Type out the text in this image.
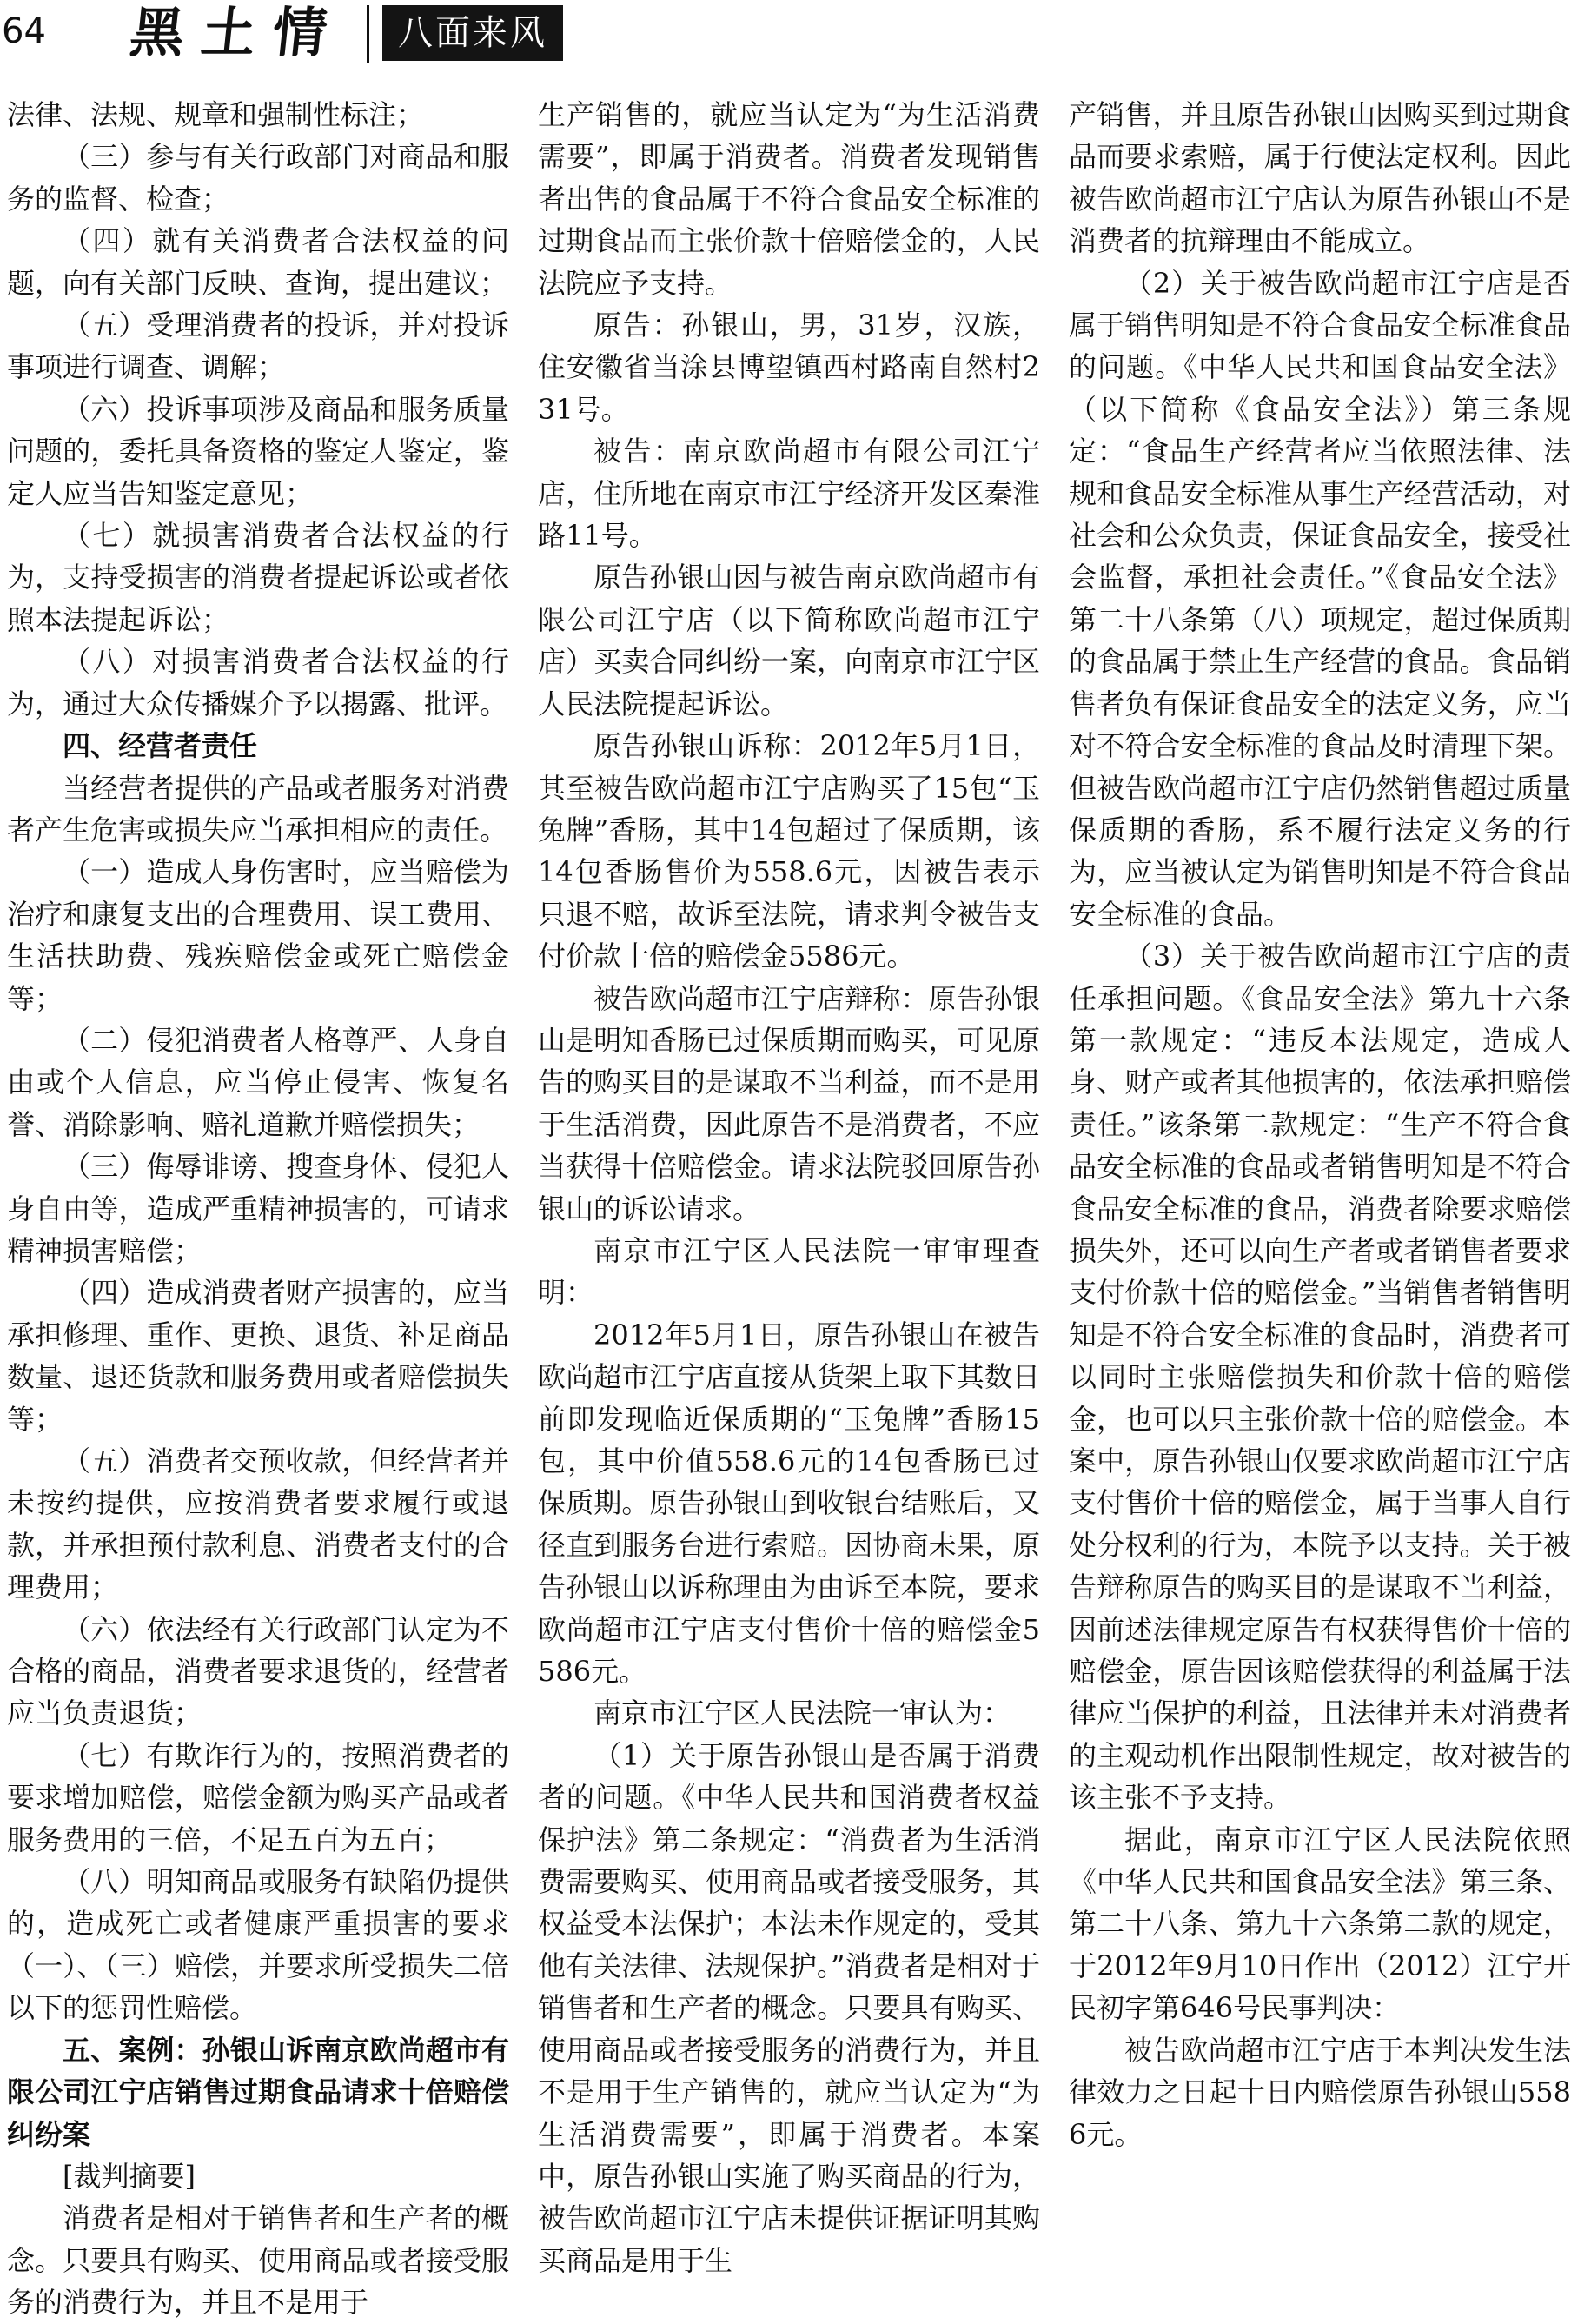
64 黑土情	八面来风

法律、法规、规章和强制性标注；

（三）参与有关行政部门对商品和服务的监督、检查；

（四）就有关消费者合法权益的问题，向有关部门反映、查询，提出建议；

（五）受理消费者的投诉，并对投诉事项进行调查、调解；

（六）投诉事项涉及商品和服务质量问题的，委托具备资格的鉴定人鉴定，鉴定人应当告知鉴定意见；

（七）就损害消费者合法权益的行为，支持受损害的消费者提起诉讼或者依照本法提起诉讼；

（八）对损害消费者合法权益的行为，通过大众传播媒介予以揭露、批评。

四、经营者责任

当经营者提供的产品或者服务对消费者产生危害或损失应当承担相应的责任。

（一）造成人身伤害时，应当赔偿为治疗和康复支出的合理费用、误工费用、生活扶助费、残疾赔偿金或死亡赔偿金等；

（二）侵犯消费者人格尊严、人身自由或个人信息，应当停止侵害、恢复名誉、消除影响、赔礼道歉并赔偿损失；

（三）侮辱诽谤、搜查身体、侵犯人身自由等，造成严重精神损害的，可请求精神损害赔偿；

（四）造成消费者财产损害的，应当承担修理、重作、更换、退货、补足商品数量、退还货款和服务费用或者赔偿损失等；

（五）消费者交预收款，但经营者并未按约提供，应按消费者要求履行或退款，并承担预付款利息、消费者支付的合理费用；

（六）依法经有关行政部门认定为不合格的商品，消费者要求退货的，经营者应当负责退货；

（七）有欺诈行为的，按照消费者的要求增加赔偿，赔偿金额为购买产品或者服务费用的三倍，不足五百为五百；

（八）明知商品或服务有缺陷仍提供的，造成死亡或者健康严重损害的要求（一）、（三）赔偿，并要求所受损失二倍以下的惩罚性赔偿。

五、案例：孙银山诉南京欧尚超市有限公司江宁店销售过期食品请求十倍赔偿纠纷案

[裁判摘要]

消费者是相对于销售者和生产者的概念。只要具有购买、使用商品或者接受服务的消费行为，并且不是用于

生产销售的，就应当认定为“为生活消费需要”，即属于消费者。消费者发现销售者出售的食品属于不符合食品安全标准的过期食品而主张价款十倍赔偿金的，人民法院应予支持。

原告：孙银山，男，31岁，汉族，住安徽省当涂县博望镇西村路南自然村231号。

被告：南京欧尚超市有限公司江宁店，住所地在南京市江宁经济开发区秦淮路11号。

原告孙银山因与被告南京欧尚超市有限公司江宁店（以下简称欧尚超市江宁店）买卖合同纠纷一案，向南京市江宁区人民法院提起诉讼。

原告孙银山诉称：2012年5月1日，其至被告欧尚超市江宁店购买了15包“玉兔牌”香肠，其中14包超过了保质期，该14包香肠售价为558.6元，因被告表示只退不赔，故诉至法院，请求判令被告支付价款十倍的赔偿金5586元。

被告欧尚超市江宁店辩称：原告孙银山是明知香肠已过保质期而购买，可见原告的购买目的是谋取不当利益，而不是用于生活消费，因此原告不是消费者，不应当获得十倍赔偿金。请求法院驳回原告孙银山的诉讼请求。

南京市江宁区人民法院一审审理查明：

2012年5月1日，原告孙银山在被告欧尚超市江宁店直接从货架上取下其数日前即发现临近保质期的“玉兔牌”香肠15包，其中价值558.6元的14包香肠已过保质期。原告孙银山到收银台结账后，又径直到服务台进行索赔。因协商未果，原告孙银山以诉称理由为由诉至本院，要求欧尚超市江宁店支付售价十倍的赔偿金5586元。

南京市江宁区人民法院一审认为：

（1）关于原告孙银山是否属于消费者的问题。《中华人民共和国消费者权益保护法》第二条规定：“消费者为生活消费需要购买、使用商品或者接受服务，其权益受本法保护；本法未作规定的，受其他有关法律、法规保护。”消费者是相对于销售者和生产者的概念。只要具有购买、使用商品或者接受服务的消费行为，并且不是用于生产销售的，就应当认定为“为生活消费需要”，即属于消费者。本案中，原告孙银山实施了购买商品的行为，被告欧尚超市江宁店未提供证据证明其购买商品是用于生

产销售，并且原告孙银山因购买到过期食品而要求索赔，属于行使法定权利。因此被告欧尚超市江宁店认为原告孙银山不是消费者的抗辩理由不能成立。

（2）关于被告欧尚超市江宁店是否属于销售明知是不符合食品安全标准食品的问题。《中华人民共和国食品安全法》（以下简称《食品安全法》）第三条规定：“食品生产经营者应当依照法律、法规和食品安全标准从事生产经营活动，对社会和公众负责，保证食品安全，接受社会监督，承担社会责任。”《食品安全法》第二十八条第（八）项规定，超过保质期的食品属于禁止生产经营的食品。食品销售者负有保证食品安全的法定义务，应当对不符合安全标准的食品及时清理下架。但被告欧尚超市江宁店仍然销售超过质量保质期的香肠，系不履行法定义务的行为，应当被认定为销售明知是不符合食品安全标准的食品。

（3）关于被告欧尚超市江宁店的责任承担问题。《食品安全法》第九十六条第一款规定：“违反本法规定，造成人身、财产或者其他损害的，依法承担赔偿责任。”该条第二款规定：“生产不符合食品安全标准的食品或者销售明知是不符合食品安全标准的食品，消费者除要求赔偿损失外，还可以向生产者或者销售者要求支付价款十倍的赔偿金。”当销售者销售明知是不符合安全标准的食品时，消费者可以同时主张赔偿损失和价款十倍的赔偿金，也可以只主张价款十倍的赔偿金。本案中，原告孙银山仅要求欧尚超市江宁店支付售价十倍的赔偿金，属于当事人自行处分权利的行为，本院予以支持。关于被告辩称原告的购买目的是谋取不当利益，因前述法律规定原告有权获得售价十倍的赔偿金，原告因该赔偿获得的利益属于法律应当保护的利益，且法律并未对消费者的主观动机作出限制性规定，故对被告的该主张不予支持。

据此，南京市江宁区人民法院依照《中华人民共和国食品安全法》第三条、第二十八条、第九十六条第二款的规定，于2012年9月10日作出（2012）江宁开民初字第646号民事判决：

被告欧尚超市江宁店于本判决发生法律效力之日起十日内赔偿原告孙银山5586元。
